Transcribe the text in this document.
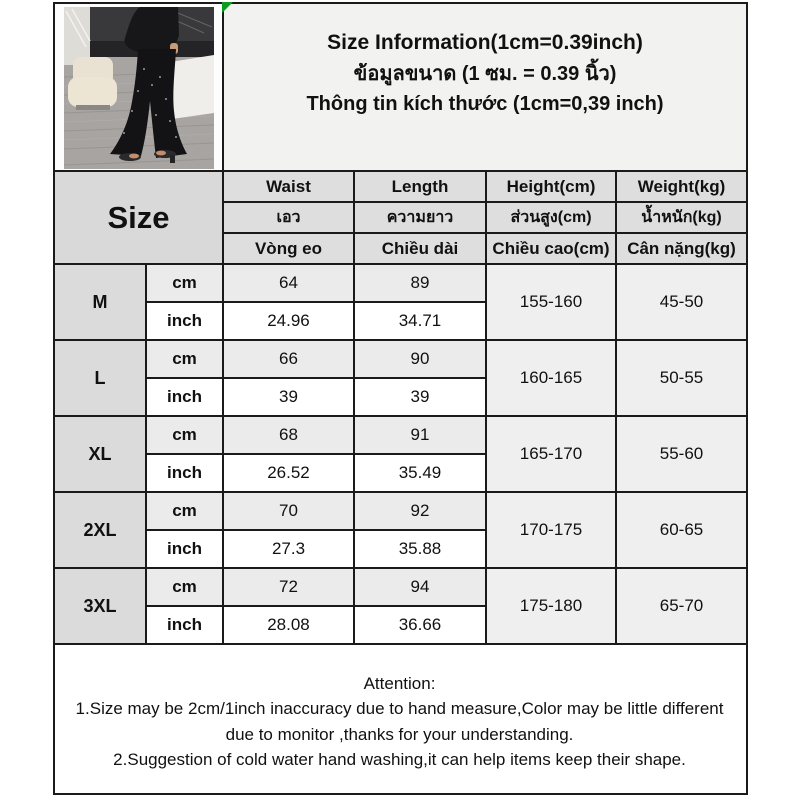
Size Information(1cm=0.39inch)
ข้อมูลขนาด (1 ซม. = 0.39 นิ้ว)
Thông tin kích thước (1cm=0,39 inch)			

Size		Waist	Length	Height(cm)	Weight(kg)
		เอว	ความยาว	ส่วนสูง(cm)	น้ำหนัก(kg)
		Vòng eo	Chiều dài	Chiều cao(cm)	Cân nặng(kg)
M	cm	64	89	155-160	45-50
	inch	24.96	34.71		
L	cm	66	90	160-165	50-55
	inch	39	39		
XL	cm	68	91	165-170	55-60
	inch	26.52	35.49		
2XL	cm	70	92	170-175	60-65
	inch	27.3	35.88		
3XL	cm	72	94	175-180	65-70
	inch	28.08	36.66		

Attention:
1.Size may be 2cm/1inch inaccuracy due to hand measure,Color may be little different due to monitor ,thanks for your understanding.
2.Suggestion of cold water hand washing,it can help items keep their shape.					
